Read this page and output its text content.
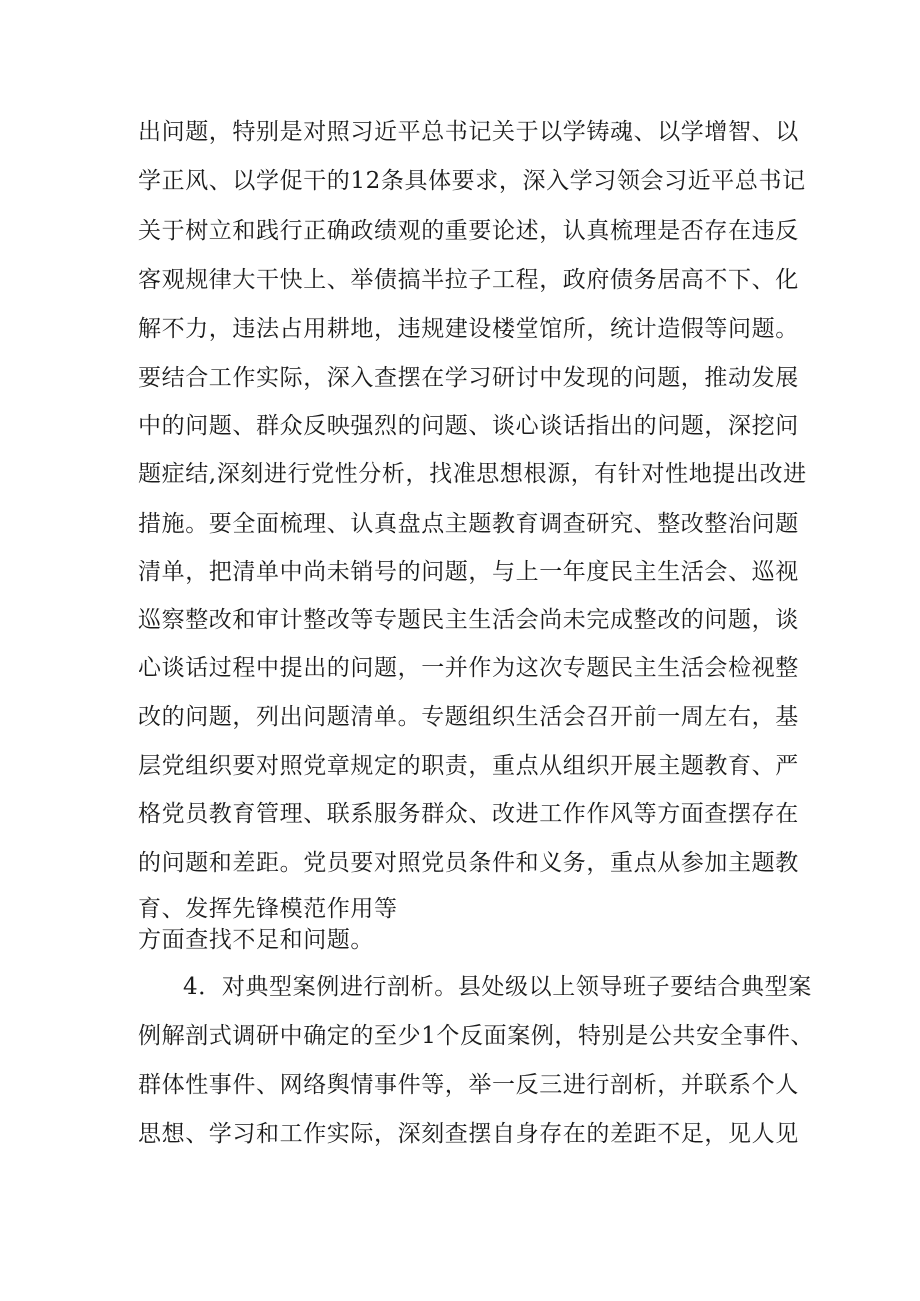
出问题，特别是对照习近平总书记关于以学铸魂、以学增智、以
学正风、以学促干的12条具体要求，深入学习领会习近平总书记
关于树立和践行正确政绩观的重要论述，认真梳理是否存在违反
客观规律大干快上、举债搞半拉子工程，政府债务居高不下、化
解不力，违法占用耕地，违规建设楼堂馆所，统计造假等问题。
要结合工作实际，深入查摆在学习研讨中发现的问题，推动发展
中的问题、群众反映强烈的问题、谈心谈话指出的问题，深挖问
题症结,深刻进行党性分析，找准思想根源，有针对性地提出改进
措施。要全面梳理、认真盘点主题教育调查研究、整改整治问题
清单，把清单中尚未销号的问题，与上一年度民主生活会、巡视
巡察整改和审计整改等专题民主生活会尚未完成整改的问题，谈
心谈话过程中提出的问题，一并作为这次专题民主生活会检视整
改的问题，列出问题清单。专题组织生活会召开前一周左右，基
层党组织要对照党章规定的职责，重点从组织开展主题教育、严
格党员教育管理、联系服务群众、改进工作作风等方面查摆存在
的问题和差距。党员要对照党员条件和义务，重点从参加主题教
育、发挥先锋模范作用等
方面查找不足和问题。
4．对典型案例进行剖析。县处级以上领导班子要结合典型案
例解剖式调研中确定的至少1个反面案例，特别是公共安全事件、
群体性事件、网络舆情事件等，举一反三进行剖析，并联系个人
思想、学习和工作实际，深刻查摆自身存在的差距不足，见人见
